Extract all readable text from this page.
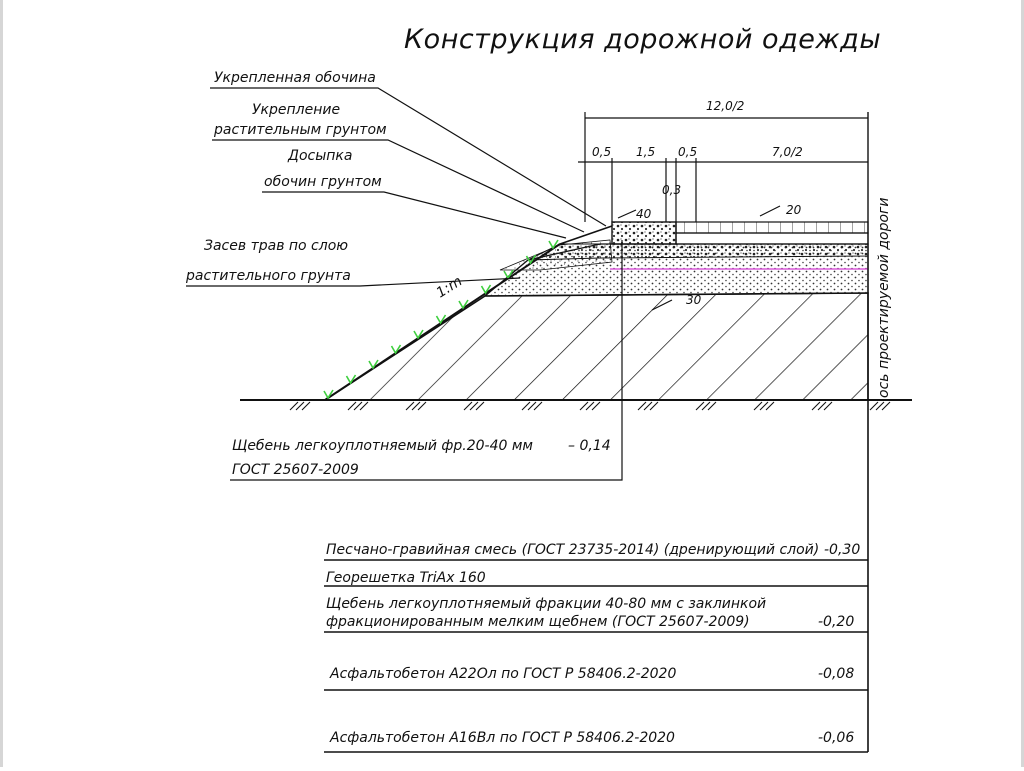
Конструкция дорожной одежды
ось проектируемой дороги
12,0/2
0,5 1,5 0,5	7,0/2
0,3
40	20
30
Укрепленная обочина
Укрепление
растительным грунтом
Досыпка
обочин грунтом
Засев трав по слою
растительного грунта	1:m
Щебень легкоуплотняемый фр.20-40 мм
ГОСТ 25607-2009
– 0,14
Песчано-гравийная смесь (ГОСТ 23735-2014) (дренирующий слой) -0,30
Георешетка TriAx 160
Щебень легкоуплотняемый фракции 40-80 мм с заклинкой
фракционированным мелким щебнем (ГОСТ 25607-2009)	-0,20
Асфальтобетон А22Ол по ГОСТ Р 58406.2-2020	-0,08
Асфальтобетон А16Вл по ГОСТ Р 58406.2-2020	-0,06
